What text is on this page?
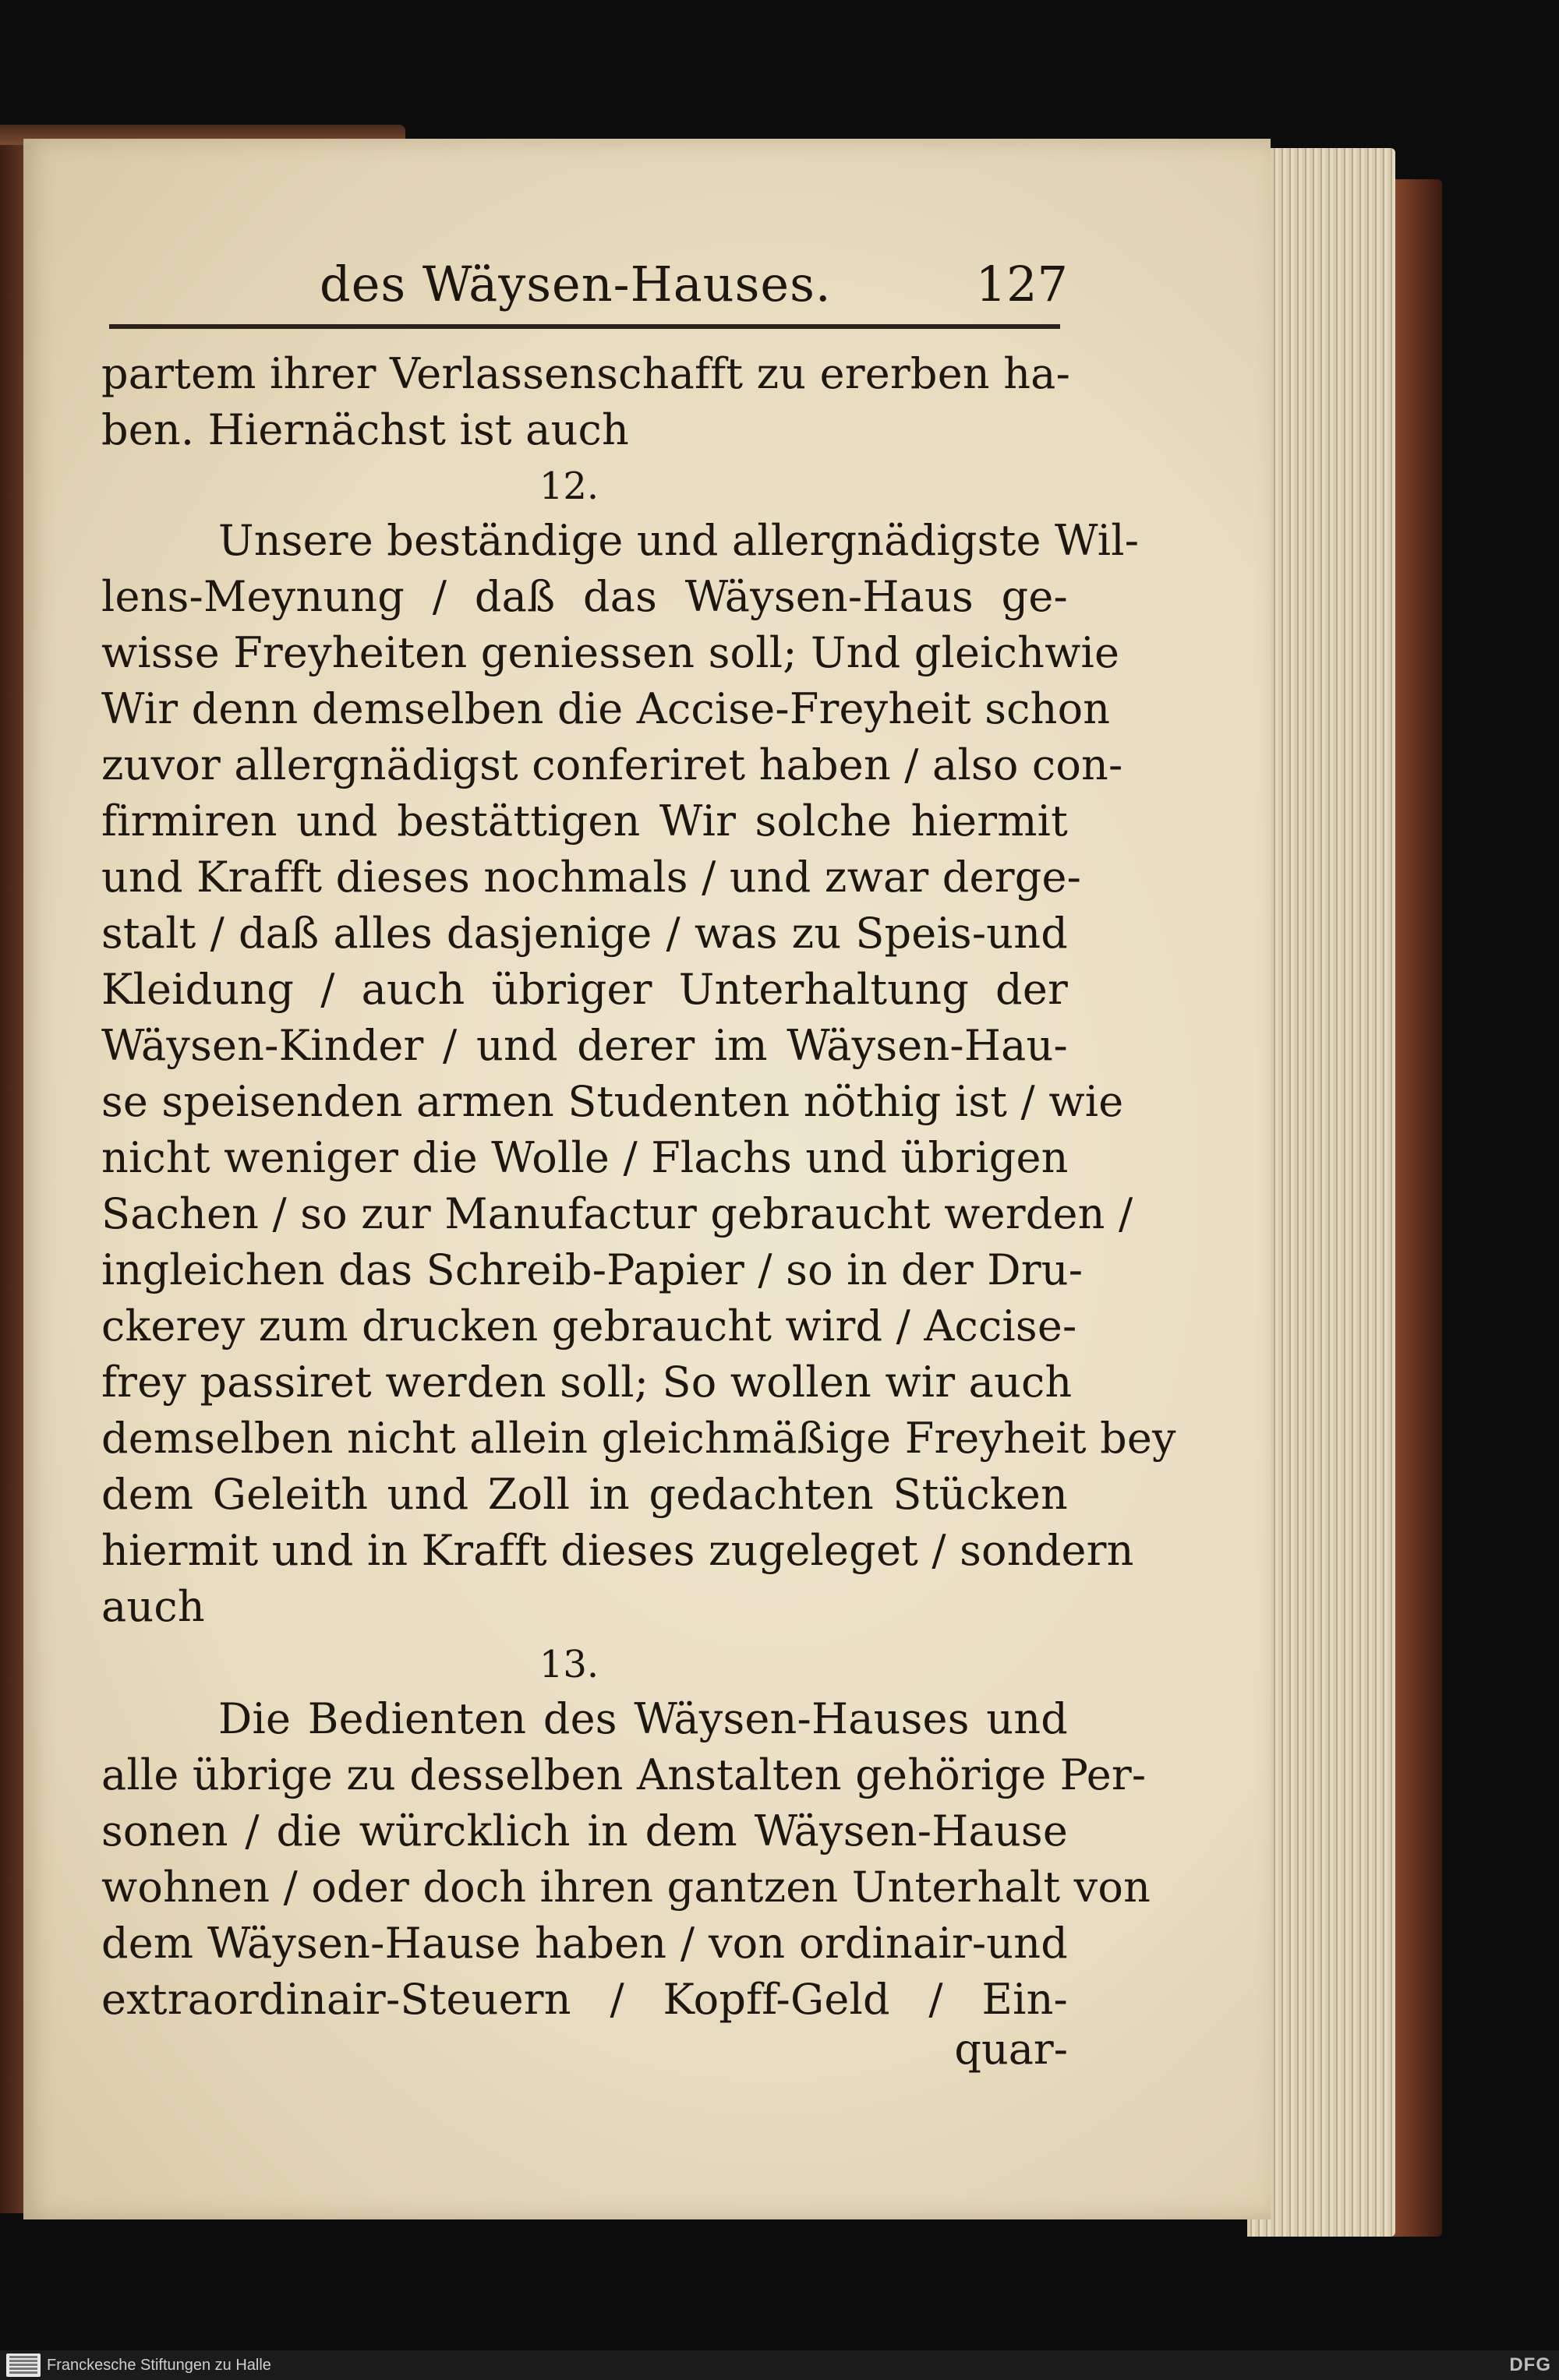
des Wäysen-Hauses.	127
partem ihrer Verlassenschafft zu ererben ha-
ben. Hiernächst ist auch
12.
Unsere beständige und allergnädigste Wil-
lens-Meynung / daß das Wäysen-Haus ge-
wisse Freyheiten geniessen soll; Und gleichwie
Wir denn demselben die Accise-Freyheit schon
zuvor allergnädigst conferiret haben / also con-
firmiren und bestättigen Wir solche hiermit
und Krafft dieses nochmals / und zwar derge-
stalt / daß alles dasjenige / was zu Speis-und
Kleidung / auch übriger Unterhaltung der
Wäysen-Kinder / und derer im Wäysen-Hau-
se speisenden armen Studenten nöthig ist / wie
nicht weniger die Wolle / Flachs und übrigen
Sachen / so zur Manufactur gebraucht werden /
ingleichen das Schreib-Papier / so in der Dru-
ckerey zum drucken gebraucht wird / Accise-
frey passiret werden soll; So wollen wir auch
demselben nicht allein gleichmäßige Freyheit bey
dem Geleith und Zoll in gedachten Stücken
hiermit und in Krafft dieses zugeleget / sondern
auch
13.
Die Bedienten des Wäysen-Hauses und
alle übrige zu desselben Anstalten gehörige Per-
sonen / die würcklich in dem Wäysen-Hause
wohnen / oder doch ihren gantzen Unterhalt von
dem Wäysen-Hause haben / von ordinair-und
extraordinair-Steuern / Kopff-Geld / Ein-
quar-
Franckesche Stiftungen zu Halle	DFG
